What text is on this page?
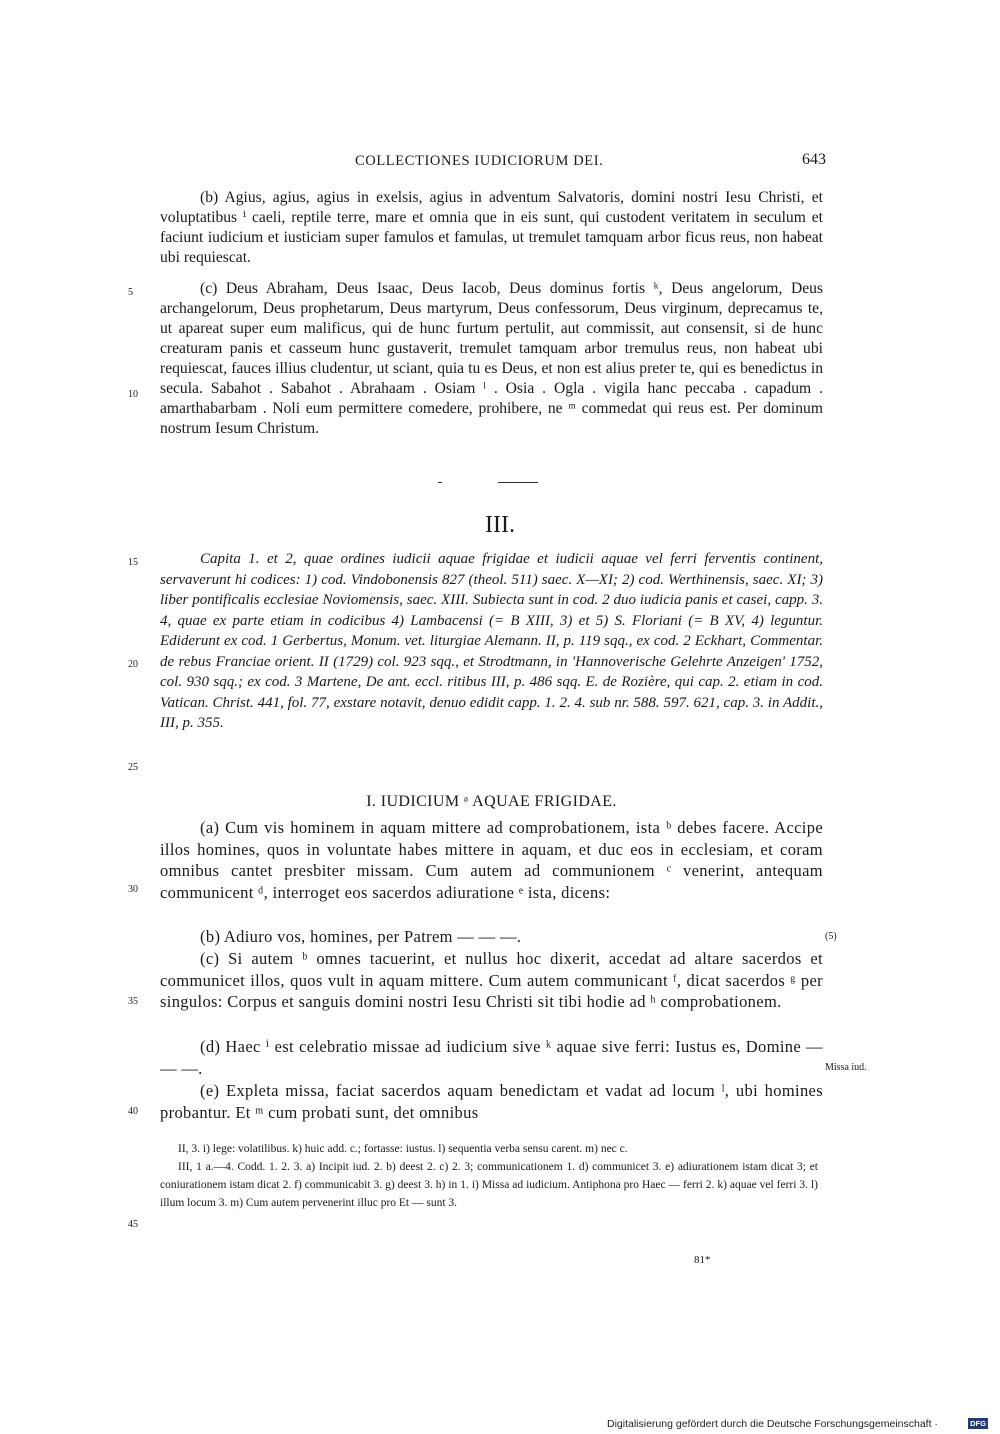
COLLECTIONES IUDICIORUM DEI.	643

(b) Agius, agius, agius in exelsis, agius in adventum Salvatoris, domini nostri Iesu Christi, et voluptatibus ⁱ caeli, reptile terre, mare et omnia que in eis sunt, qui custodent veritatem in seculum et faciunt iudicium et iusticiam super famulos et famulas, ut tremulet tamquam arbor ficus reus, non habeat ubi requiescat.

(c) Deus Abraham, Deus Isaac, Deus Iacob, Deus dominus fortis ᵏ, Deus angelorum, Deus archangelorum, Deus prophetarum, Deus martyrum, Deus confessorum, Deus virginum, deprecamus te, ut apareat super eum malificus, qui de hunc furtum pertulit, aut commissit, aut consensit, si de hunc creaturam panis et casseum hunc gustaverit, tremulet tamquam arbor tremulus reus, non habeat ubi requiescat, fauces illius cludentur, ut sciant, quia tu es Deus, et non est alius preter te, qui es benedictus in secula. Sabahot . Sabahot . Abrahaam . Osiam ˡ . Osia . Ogla . vigila hanc peccaba . capadum . amarthabarbam . Noli eum permittere comedere, prohibere, ne ᵐ commedat qui reus est. Per dominum nostrum Iesum Christum.

5
10
III.

Capita 1. et 2, quae ordines iudicii aquae frigidae et iudicii aquae vel ferri ferventis continent, servaverunt hi codices: 1) cod. Vindobonensis 827 (theol. 511) saec. X—XI; 2) cod. Werthinensis, saec. XI; 3) liber pontificalis ecclesiae Noviomensis, saec. XIII. Subiecta sunt in cod. 2 duo iudicia panis et casei, capp. 3. 4, quae ex parte etiam in codicibus 4) Lambacensi (= B XIII, 3) et 5) S. Floriani (= B XV, 4) leguntur. Ediderunt ex cod. 1 Gerbertus, Monum. vet. liturgiae Alemann. II, p. 119 sqq., ex cod. 2 Eckhart, Commentar. de rebus Franciae orient. II (1729) col. 923 sqq., et Strodtmann, in 'Hannoverische Gelehrte Anzeigen' 1752, col. 930 sqq.; ex cod. 3 Martene, De ant. eccl. ritibus III, p. 486 sqq. E. de Rozière, qui cap. 2. etiam in cod. Vatican. Christ. 441, fol. 77, exstare notavit, denuo edidit capp. 1. 2. 4. sub nr. 588. 597. 621, cap. 3. in Addit., III, p. 355.

15
20
25
I. IUDICIUM ᵃ AQUAE FRIGIDAE.

(a) Cum vis hominem in aquam mittere ad comprobationem, ista ᵇ debes facere. Accipe illos homines, quos in voluntate habes mittere in aquam, et duc eos in ecclesiam, et coram omnibus cantet presbiter missam. Cum autem ad communionem ᶜ venerint, antequam communicent ᵈ, interroget eos sacerdos adiuratione ᵉ ista, dicens:

(b) Adiuro vos, homines, per Patrem — — —.

(c) Si autem ᵇ omnes tacuerint, et nullus hoc dixerit, accedat ad altare sacerdos et communicet illos, quos vult in aquam mittere. Cum autem communicant ᶠ, dicat sacerdos ᵍ per singulos: Corpus et sanguis domini nostri Iesu Christi sit tibi hodie ad ʰ comprobationem.

(d) Haec ⁱ est celebratio missae ad iudicium sive ᵏ aquae sive ferri: Iustus es, Domine — — —.

(e) Expleta missa, faciat sacerdos aquam benedictam et vadat ad locum ˡ, ubi homines probantur. Et ᵐ cum probati sunt, det omnibus

30
35
40
(5)
Missa iud.

II, 3. i) lege: volatilibus. k) huic add. c.; fortasse: iustus. l) sequentia verba sensu carent. m) nec c.

III, 1 a.—4. Codd. 1. 2. 3. a) Incipit iud. 2. b) deest 2. c) 2. 3; communicationem 1. d) communicet 3. e) adiurationem istam dicat 3; et coniurationem istam dicat 2. f) communicabit 3. g) deest 3. h) in 1. i) Missa ad iudicium. Antiphona pro Haec — ferri 2. k) aquae vel ferri 3. l) illum locum 3. m) Cum autem pervenerint illuc pro Et — sunt 3.

45
81*
Digitalisierung gefördert durch die Deutsche Forschungsgemeinschaft ·	DFG
